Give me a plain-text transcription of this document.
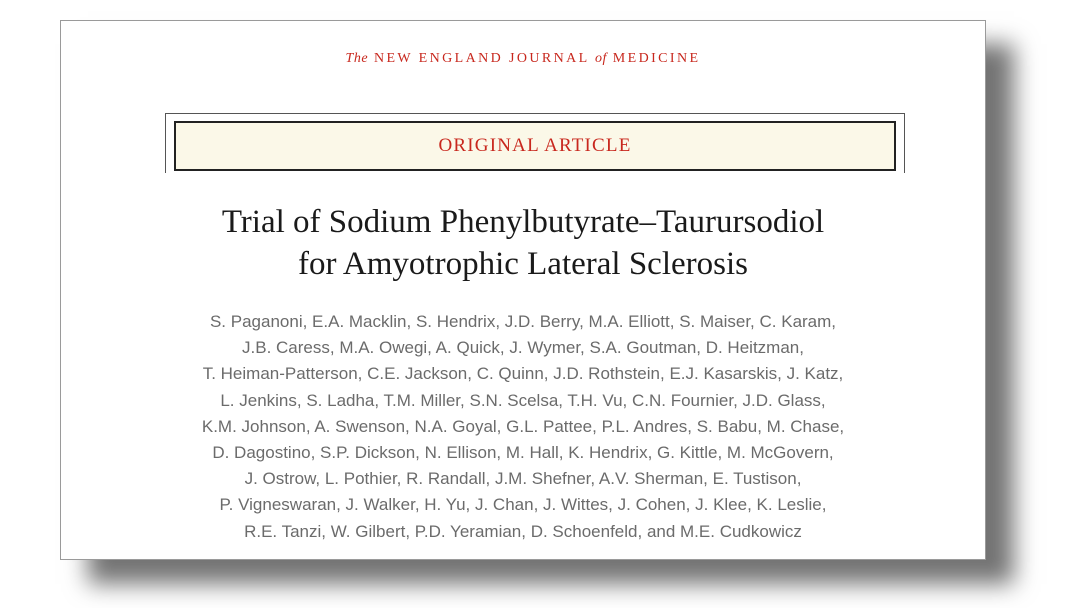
The NEW ENGLAND JOURNAL of MEDICINE
ORIGINAL ARTICLE
Trial of Sodium Phenylbutyrate–Taurursodiol
for Amyotrophic Lateral Sclerosis
S. Paganoni, E.A. Macklin, S. Hendrix, J.D. Berry, M.A. Elliott, S. Maiser, C. Karam,
J.B. Caress, M.A. Owegi, A. Quick, J. Wymer, S.A. Goutman, D. Heitzman,
T. Heiman-Patterson, C.E. Jackson, C. Quinn, J.D. Rothstein, E.J. Kasarskis, J. Katz,
L. Jenkins, S. Ladha, T.M. Miller, S.N. Scelsa, T.H. Vu, C.N. Fournier, J.D. Glass,
K.M. Johnson, A. Swenson, N.A. Goyal, G.L. Pattee, P.L. Andres, S. Babu, M. Chase,
D. Dagostino, S.P. Dickson, N. Ellison, M. Hall, K. Hendrix, G. Kittle, M. McGovern,
J. Ostrow, L. Pothier, R. Randall, J.M. Shefner, A.V. Sherman, E. Tustison,
P. Vigneswaran, J. Walker, H. Yu, J. Chan, J. Wittes, J. Cohen, J. Klee, K. Leslie,
R.E. Tanzi, W. Gilbert, P.D. Yeramian, D. Schoenfeld, and M.E. Cudkowicz
